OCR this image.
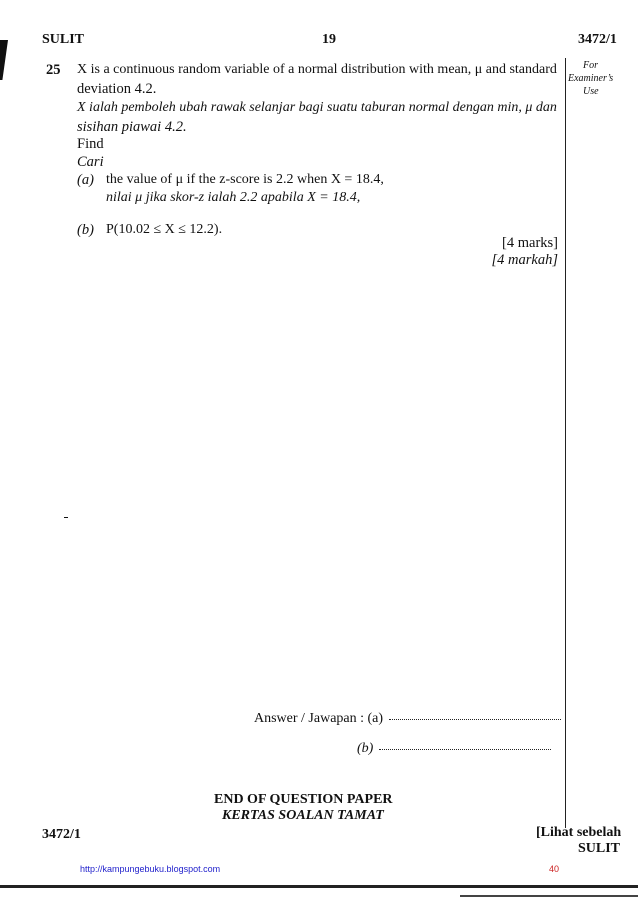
SULIT	19	3472/1
For
Examiner’s
Use
25 X is a continuous random variable of a normal distribution with mean, μ and standard
deviation 4.2.
X ialah pemboleh ubah rawak selanjar bagi suatu taburan normal dengan min, μ dan
sisihan piawai 4.2.
Find
Cari
(a) the value of μ if the z-score is 2.2 when X = 18.4,
nilai μ jika skor-z ialah 2.2 apabila X = 18.4,
(b) P(10.02 ≤ X ≤ 12.2).
[4 marks]
[4 markah]
Answer / Jawapan : (a)
(b)
END OF QUESTION PAPER
KERTAS SOALAN TAMAT
3472/1	[Lihat sebelah
SULIT
http://kampungebuku.blogspot.com	40
